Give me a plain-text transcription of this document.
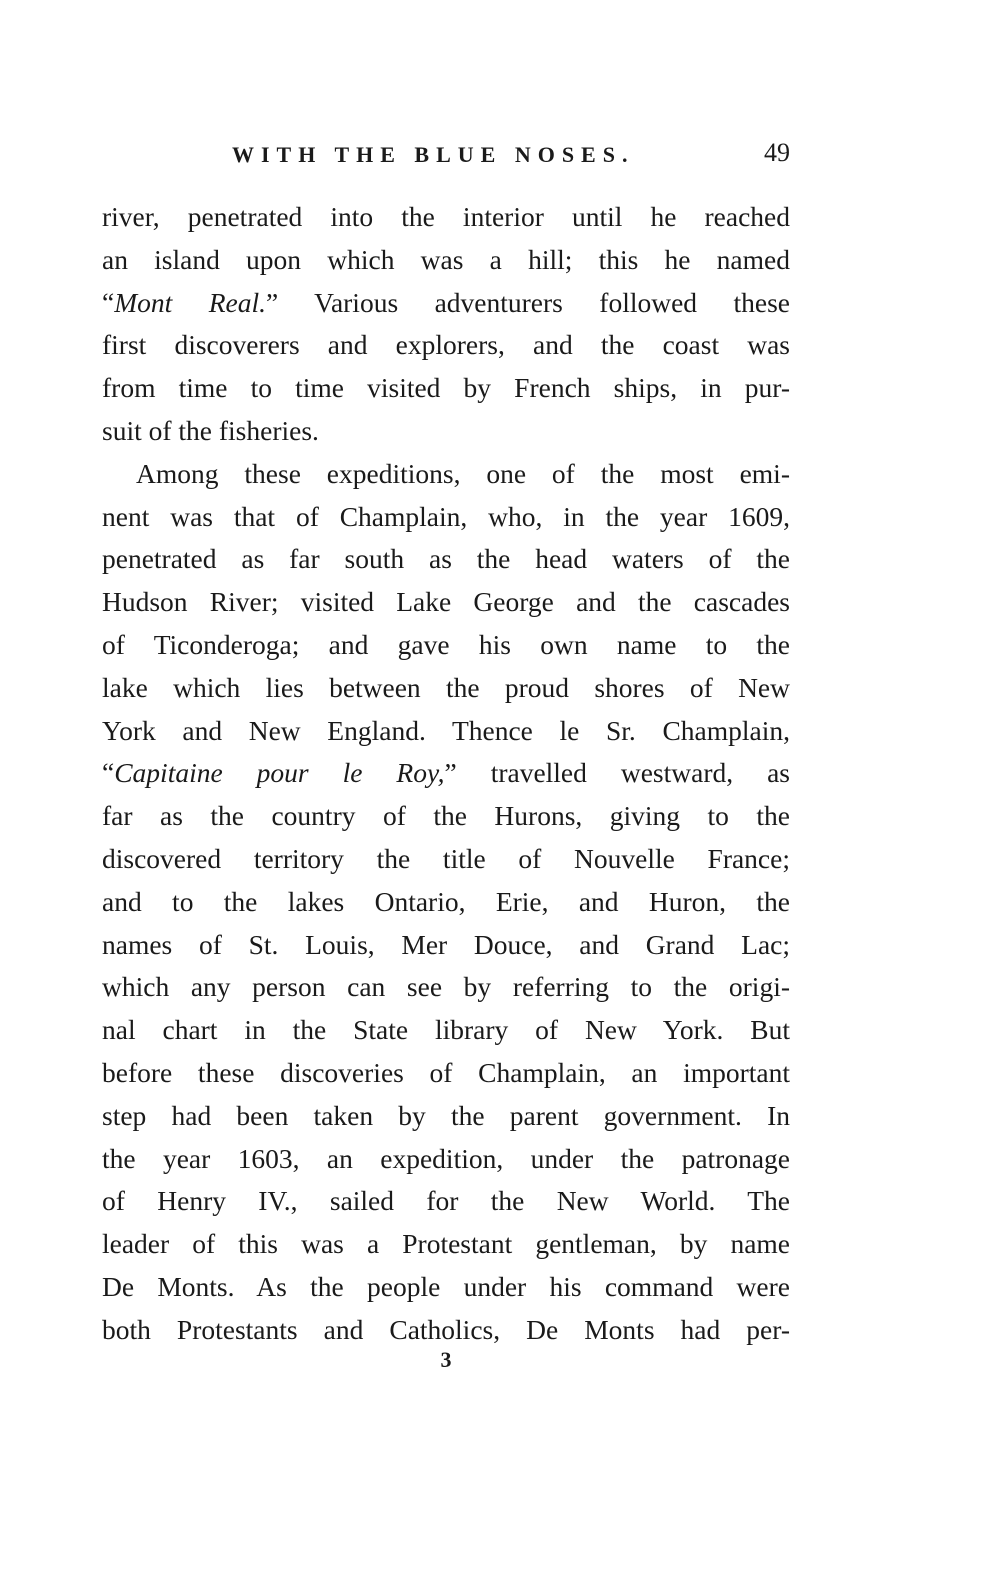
WITH THE BLUE NOSES.	49
river, penetrated into the interior until he reached
an island upon which was a hill; this he named
“Mont Real.” Various adventurers followed these
first discoverers and explorers, and the coast was
from time to time visited by French ships, in pur-
suit of the fisheries.
Among these expeditions, one of the most emi-
nent was that of Champlain, who, in the year 1609,
penetrated as far south as the head waters of the
Hudson River; visited Lake George and the cascades
of Ticonderoga; and gave his own name to the
lake which lies between the proud shores of New
York and New England. Thence le Sr. Champlain,
“Capitaine pour le Roy,” travelled westward, as
far as the country of the Hurons, giving to the
discovered territory the title of Nouvelle France;
and to the lakes Ontario, Erie, and Huron, the
names of St. Louis, Mer Douce, and Grand Lac;
which any person can see by referring to the origi-
nal chart in the State library of New York. But
before these discoveries of Champlain, an important
step had been taken by the parent government. In
the year 1603, an expedition, under the patronage
of Henry IV., sailed for the New World. The
leader of this was a Protestant gentleman, by name
De Monts. As the people under his command were
both Protestants and Catholics, De Monts had per-
3
